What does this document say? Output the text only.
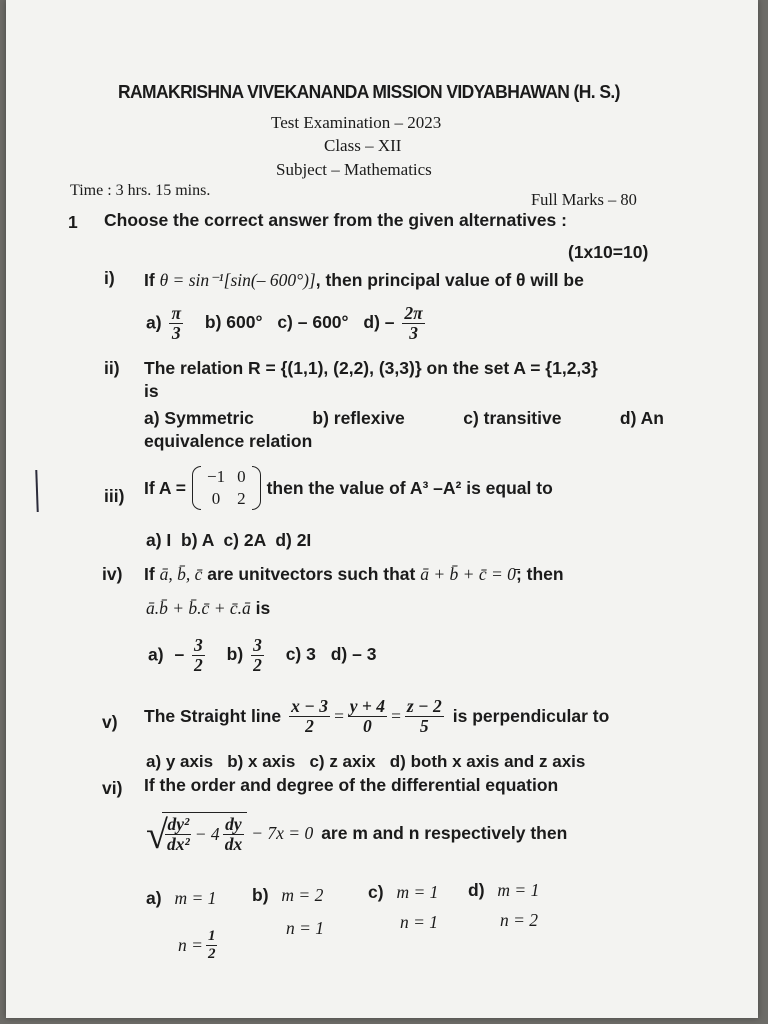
RAMAKRISHNA VIVEKANANDA MISSION VIDYABHAWAN (H. S.)
Test Examination – 2023
Class – XII
Subject – Mathematics
Time : 3 hrs. 15 mins.	Full Marks – 80
1 Choose the correct answer from the given alternatives :
(1x10=10)
i) If θ = sin⁻¹[sin(– 600°)], then principal value of θ will be
$a) \frac{\pi}{3} b$) 600° c) – 600° $d) - \frac{2\pi}{3}$
ii) The relation R = {(1,1), (2,2), (3,3)} on the set A = {1,2,3}
is
a) Symmetric	b) reflexive	c) transitive	d) An
equivalence relation
iii) If A =
−1	0
0	2
then the value of A³ –A² is equal to
a) I  b) A  c) 2A  d) 2I
iv) If ā, b̄, c̄ are unitvectors such that ā + b̄ + c̄ = 0̄; then
ā.b̄ + b̄.c̄ + c̄.ā is
$a) - \frac{3}{2} b) \frac{3}{2} c$) 3 d) – 3
v) The Straight line $\frac{x - 3}{2} = \frac{y + 4}{0} = \frac{z - 2}{5}$ is perpendicular to
a) y axis   b) x axis   c) z axix   d) both x axis and z axis
vi) If the order and degree of the differential equation
√
$\frac{\text{dy²}}{\text{dx²}} - 4 \frac{dy}{dx} - 7x = 0$ are m and n respectively then
a) m = 1
$n = \frac{1}{2}$
b) m = 2
n = 1
c) m = 1
n = 1
d) m = 1
n = 2
